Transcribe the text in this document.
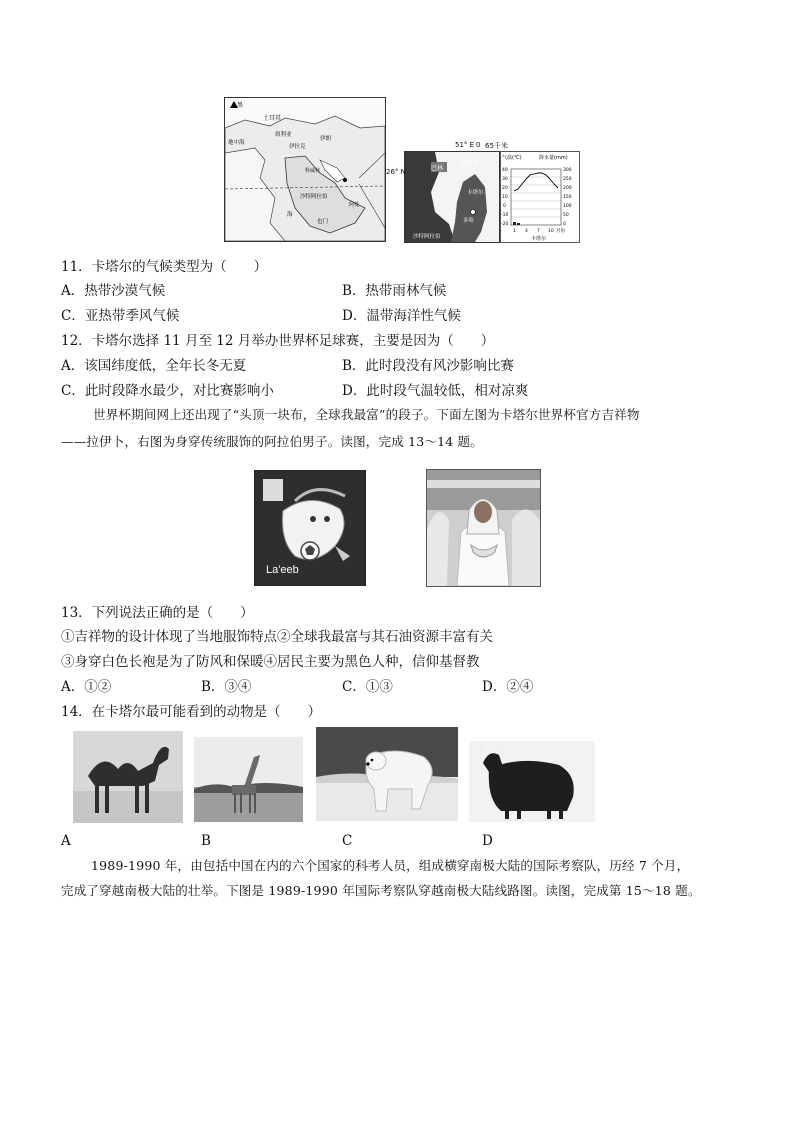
黑
土耳其
地中海
叙利亚
伊拉克
伊朗
科威特
沙特阿拉伯
阿曼
也门
海
巴林
波斯湾
卡塔尔
多哈
沙特阿拉伯
51° E 0 65千米
26° N
气温(℃)	降水量(mm)
40
30
20
10
0
-10
-20
300
250
200
150
100
50
0
1 4 7 10 月份
卡塔尔
11．卡塔尔的气候类型为（　　）
A．热带沙漠气候	B．热带雨林气候
C．亚热带季风气候	D．温带海洋性气候
12．卡塔尔选择 11 月至 12 月举办世界杯足球赛，主要是因为（　　）
A．该国纬度低，全年长冬无夏	B．此时段没有风沙影响比赛
C．此时段降水最少，对比赛影响小	D．此时段气温较低，相对凉爽
世界杯期间网上还出现了“头顶一块布，全球我最富”的段子。下面左图为卡塔尔世界杯官方吉祥物
——拉伊卜，右图为身穿传统服饰的阿拉伯男子。读图，完成 13～14 题。
La'eeb
13．下列说法正确的是（　　）
①吉祥物的设计体现了当地服饰特点②全球我最富与其石油资源丰富有关
③身穿白色长袍是为了防风和保暖④居民主要为黑色人种，信仰基督教
A．①②	B．③④	C．①③	D．②④
14．在卡塔尔最可能看到的动物是（　　）
A	B	C	D
1989-1990 年，由包括中国在内的六个国家的科考人员，组成横穿南极大陆的国际考察队，历经 7 个月，
完成了穿越南极大陆的壮举。下图是 1989-1990 年国际考察队穿越南极大陆线路图。读图，完成第 15～18 题。
